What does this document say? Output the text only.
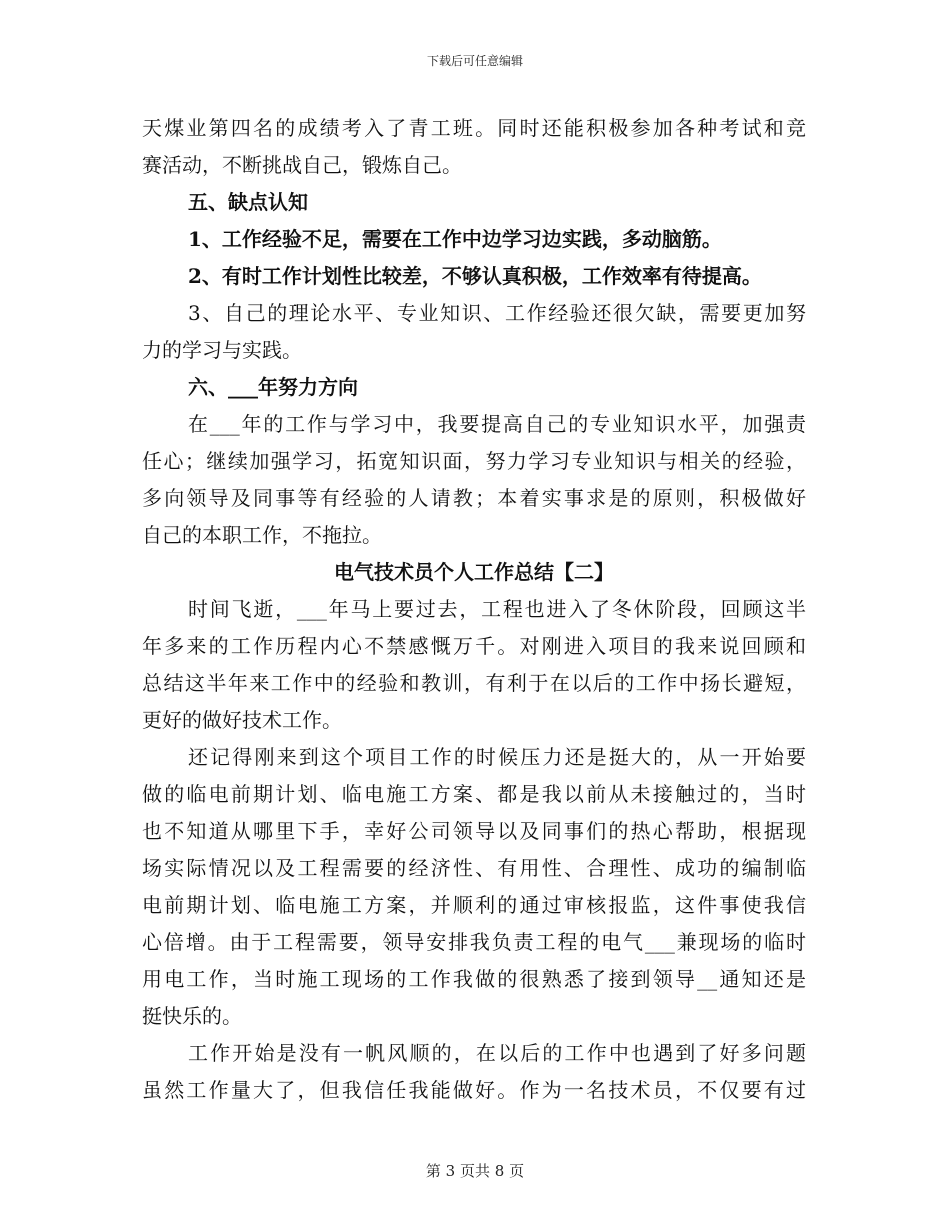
下载后可任意编辑
天煤业第四名的成绩考入了青工班。同时还能积极参加各种考试和竞
赛活动，不断挑战自己，锻炼自己。
五、缺点认知
1、工作经验不足，需要在工作中边学习边实践，多动脑筋。
2、有时工作计划性比较差，不够认真积极，工作效率有待提高。
3、自己的理论水平、专业知识、工作经验还很欠缺，需要更加努
力的学习与实践。
六、___年努力方向
在___年的工作与学习中，我要提高自己的专业知识水平，加强责
任心；继续加强学习，拓宽知识面，努力学习专业知识与相关的经验，
多向领导及同事等有经验的人请教；本着实事求是的原则，积极做好
自己的本职工作，不拖拉。
电气技术员个人工作总结【二】
时间飞逝，___年马上要过去，工程也进入了冬休阶段，回顾这半
年多来的工作历程内心不禁感慨万千。对刚进入项目的我来说回顾和
总结这半年来工作中的经验和教训，有利于在以后的工作中扬长避短，
更好的做好技术工作。
还记得刚来到这个项目工作的时候压力还是挺大的，从一开始要
做的临电前期计划、临电施工方案、都是我以前从未接触过的，当时
也不知道从哪里下手，幸好公司领导以及同事们的热心帮助，根据现
场实际情况以及工程需要的经济性、有用性、合理性、成功的编制临
电前期计划、临电施工方案，并顺利的通过审核报监，这件事使我信
心倍增。由于工程需要，领导安排我负责工程的电气___兼现场的临时
用电工作，当时施工现场的工作我做的很熟悉了接到领导__通知还是
挺快乐的。
工作开始是没有一帆风顺的，在以后的工作中也遇到了好多问题
虽然工作量大了，但我信任我能做好。作为一名技术员，不仅要有过
第 3 页共 8 页
